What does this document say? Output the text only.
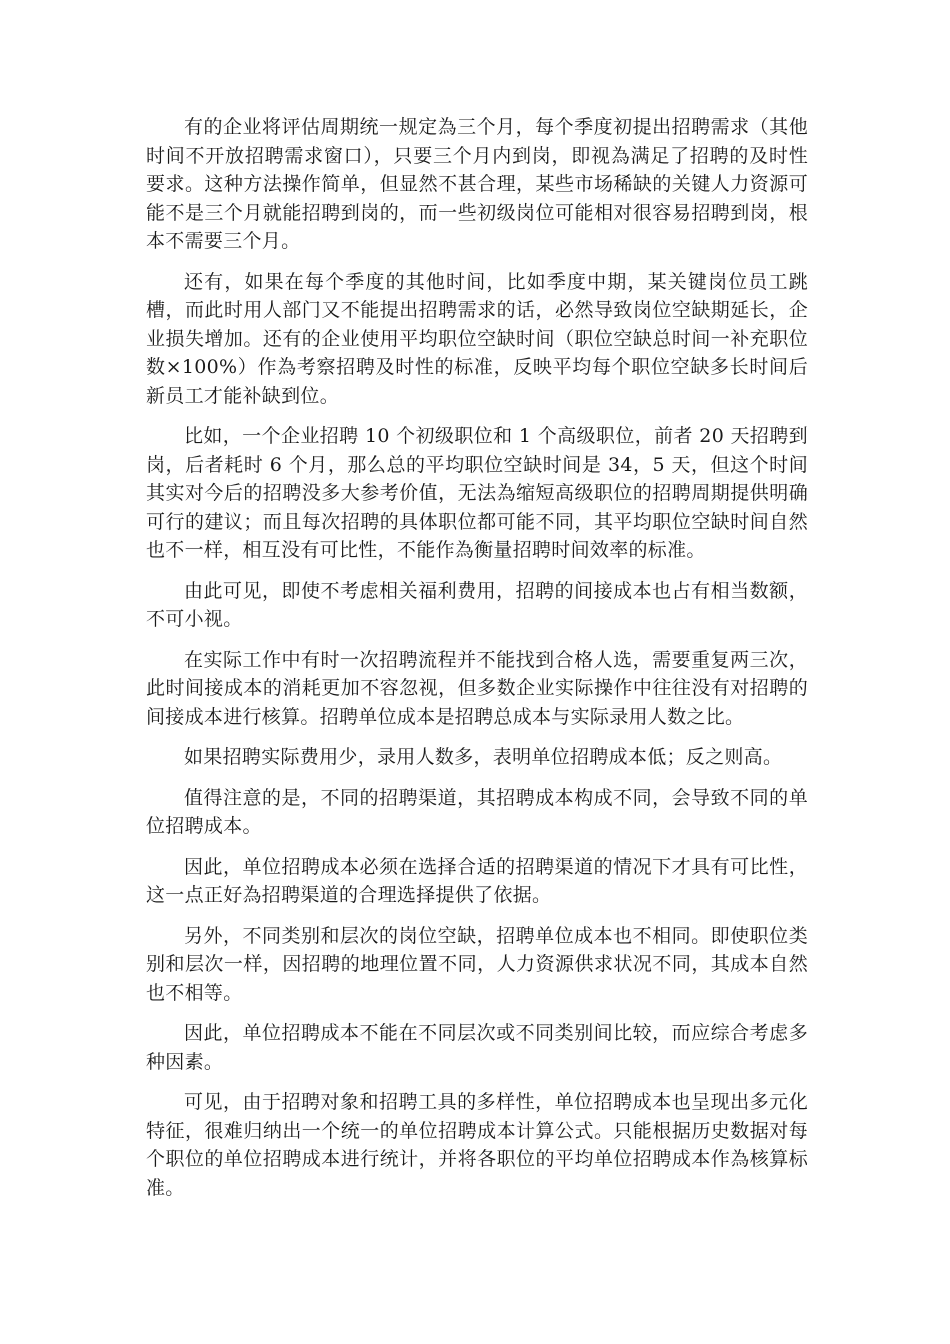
有的企业将评估周期统一规定為三个月，每个季度初提出招聘需求（其他时间不开放招聘需求窗口），只要三个月内到岗，即视為满足了招聘的及时性要求。这种方法操作简单，但显然不甚合理，某些市场稀缺的关键人力资源可能不是三个月就能招聘到岗的，而一些初级岗位可能相对很容易招聘到岗，根本不需要三个月。

还有，如果在每个季度的其他时间，比如季度中期，某关键岗位员工跳槽，而此时用人部门又不能提出招聘需求的话，必然导致岗位空缺期延长，企业损失增加。还有的企业使用平均职位空缺时间（职位空缺总时间一补充职位数×100%）作為考察招聘及时性的标准，反映平均每个职位空缺多长时间后新员工才能补缺到位。

比如，一个企业招聘 10 个初级职位和 1 个高级职位，前者 20 天招聘到岗，后者耗时 6 个月，那么总的平均职位空缺时间是 34，5 天，但这个时间其实对今后的招聘没多大参考价值，无法為缩短高级职位的招聘周期提供明确可行的建议；而且每次招聘的具体职位都可能不同，其平均职位空缺时间自然也不一样，相互没有可比性，不能作為衡量招聘时间效率的标准。

由此可见，即使不考虑相关福利费用，招聘的间接成本也占有相当数额，不可小视。

在实际工作中有时一次招聘流程并不能找到合格人选，需要重复两三次，此时间接成本的消耗更加不容忽视，但多数企业实际操作中往往没有对招聘的间接成本进行核算。招聘单位成本是招聘总成本与实际录用人数之比。

如果招聘实际费用少，录用人数多，表明单位招聘成本低；反之则高。

值得注意的是，不同的招聘渠道，其招聘成本构成不同，会导致不同的单位招聘成本。

因此，单位招聘成本必须在选择合适的招聘渠道的情况下才具有可比性，这一点正好為招聘渠道的合理选择提供了依据。

另外，不同类别和层次的岗位空缺，招聘单位成本也不相同。即使职位类别和层次一样，因招聘的地理位置不同，人力资源供求状况不同，其成本自然也不相等。

因此，单位招聘成本不能在不同层次或不同类别间比较，而应综合考虑多种因素。

可见，由于招聘对象和招聘工具的多样性，单位招聘成本也呈现出多元化特征，很难归纳出一个统一的单位招聘成本计算公式。只能根据历史数据对每个职位的单位招聘成本进行统计，并将各职位的平均单位招聘成本作為核算标准。
